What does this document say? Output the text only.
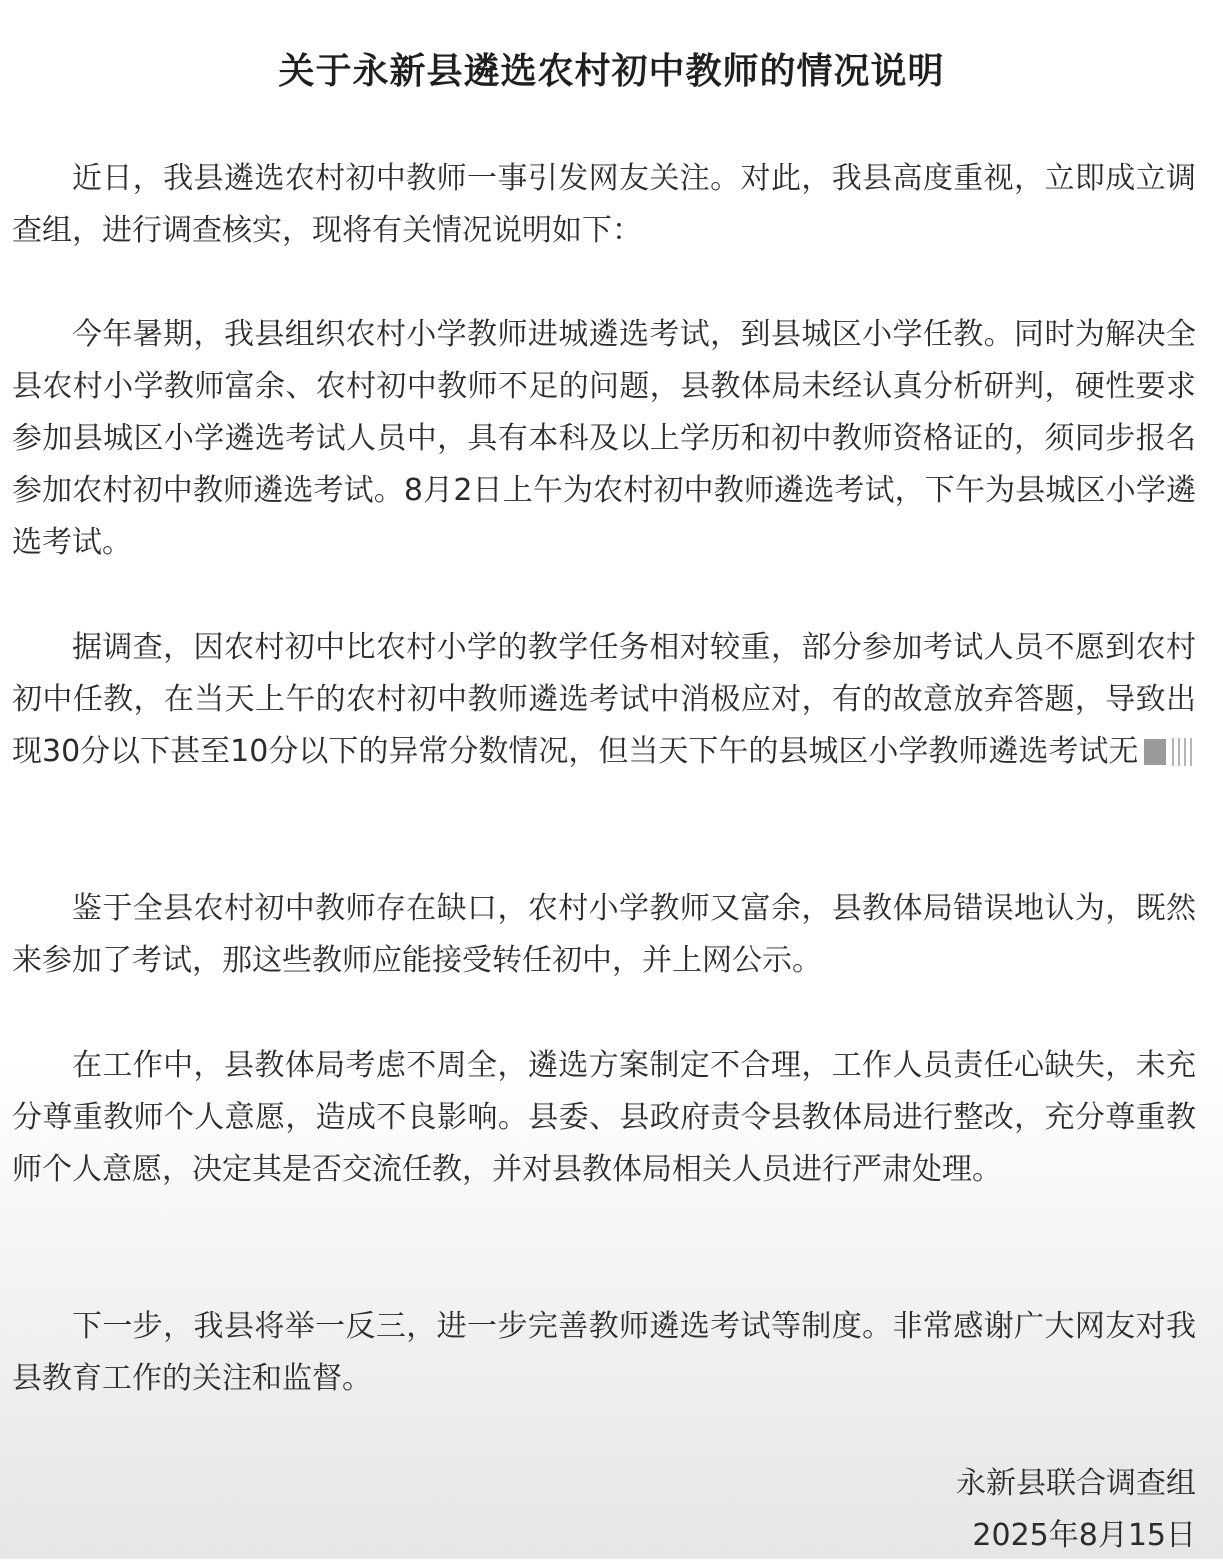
关于永新县遴选农村初中教师的情况说明

近日，我县遴选农村初中教师一事引发网友关注。对此，我县高度重视，立即成立调查组，进行调查核实，现将有关情况说明如下：

今年暑期，我县组织农村小学教师进城遴选考试，到县城区小学任教。同时为解决全县农村小学教师富余、农村初中教师不足的问题，县教体局未经认真分析研判，硬性要求参加县城区小学遴选考试人员中，具有本科及以上学历和初中教师资格证的，须同步报名参加农村初中教师遴选考试。8月2日上午为农村初中教师遴选考试，下午为县城区小学遴选考试。

据调查，因农村初中比农村小学的教学任务相对较重，部分参加考试人员不愿到农村初中任教，在当天上午的农村初中教师遴选考试中消极应对，有的故意放弃答题，导致出现30分以下甚至10分以下的异常分数情况，但当天下午的县城区小学教师遴选考试无

鉴于全县农村初中教师存在缺口，农村小学教师又富余，县教体局错误地认为，既然来参加了考试，那这些教师应能接受转任初中，并上网公示。

在工作中，县教体局考虑不周全，遴选方案制定不合理，工作人员责任心缺失，未充分尊重教师个人意愿，造成不良影响。县委、县政府责令县教体局进行整改，充分尊重教师个人意愿，决定其是否交流任教，并对县教体局相关人员进行严肃处理。

下一步，我县将举一反三，进一步完善教师遴选考试等制度。非常感谢广大网友对我县教育工作的关注和监督。

永新县联合调查组

2025年8月15日
